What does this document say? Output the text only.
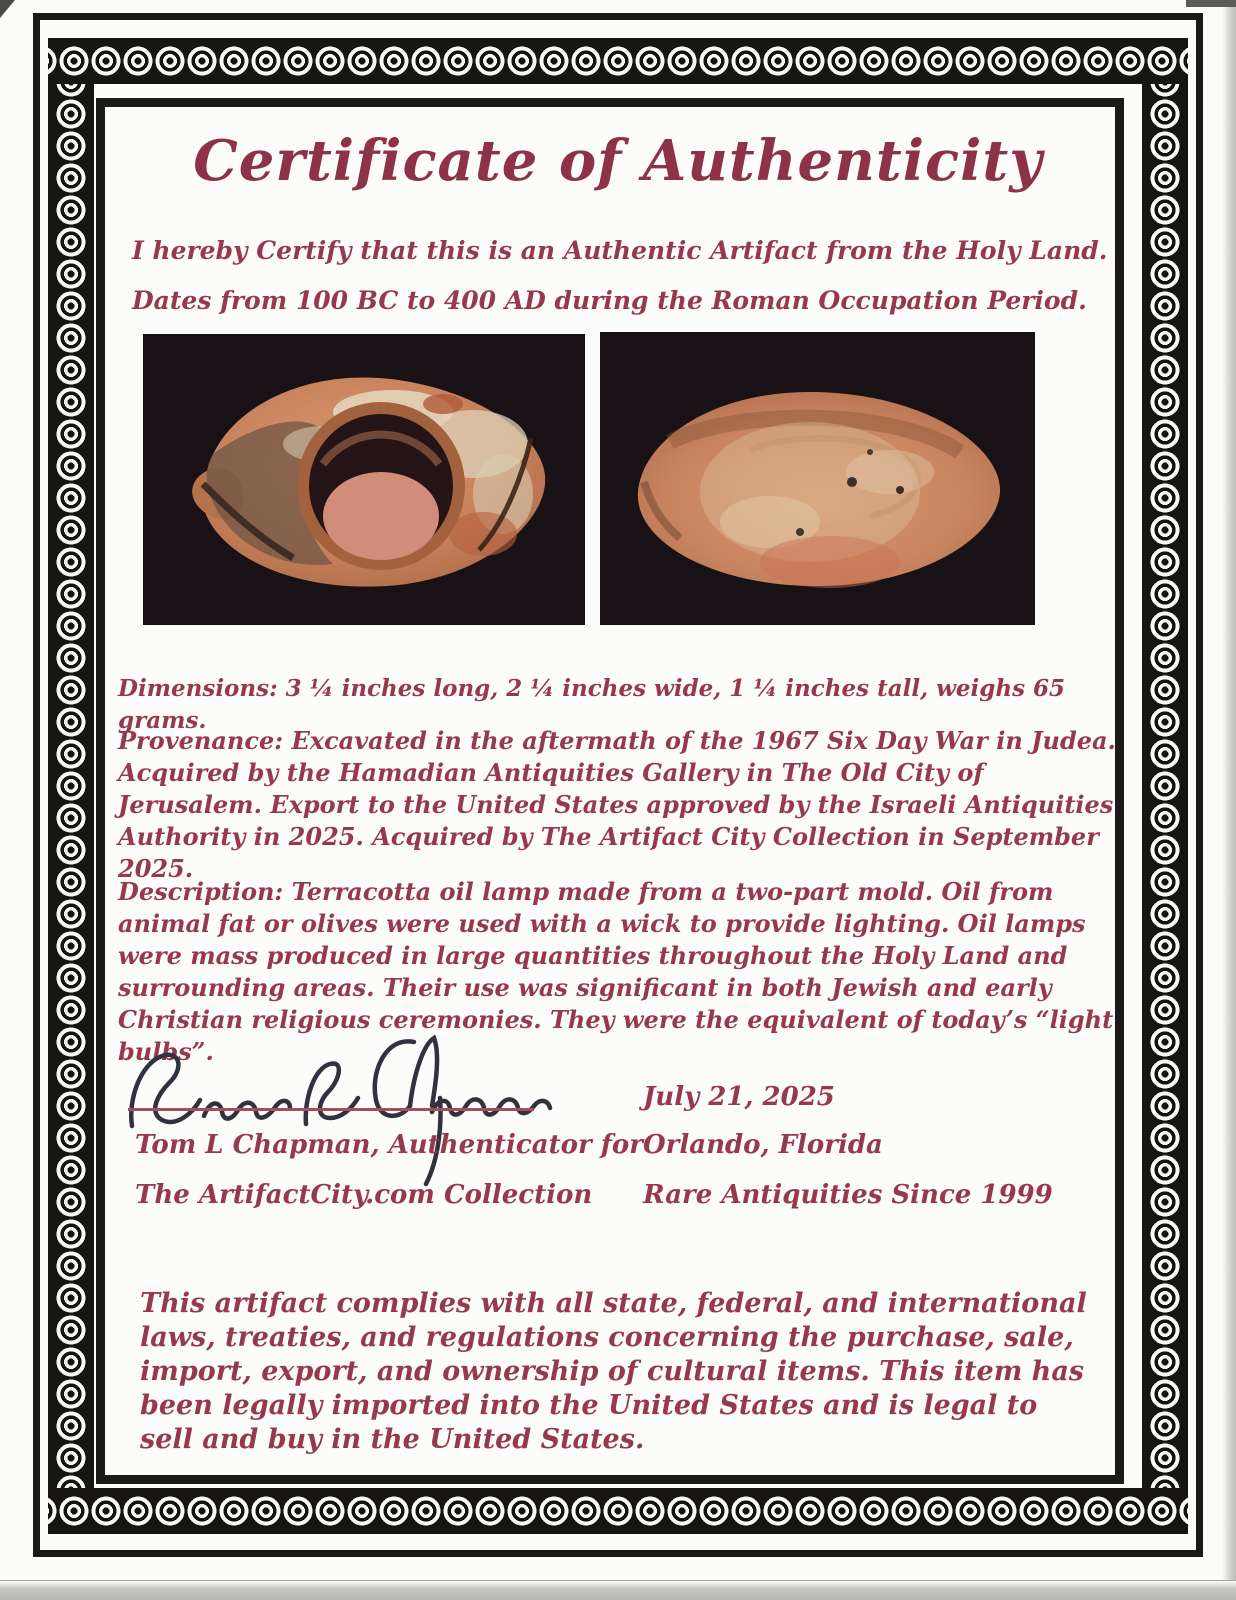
Certificate of Authenticity
I hereby Certify that this is an Authentic Artifact from the Holy Land.
Dates from 100 BC to 400 AD during the Roman Occupation Period.

Dimensions: 3 ¼ inches long, 2 ¼ inches wide, 1 ¼ inches tall, weighs 65 grams.

Provenance: Excavated in the aftermath of the 1967 Six Day War in Judea. Acquired by the Hamadian Antiquities Gallery in The Old City of Jerusalem. Export to the United States approved by the Israeli Antiquities Authority in 2025. Acquired by The Artifact City Collection in September 2025.

Description: Terracotta oil lamp made from a two-part mold. Oil from animal fat or olives were used with a wick to provide lighting. Oil lamps were mass produced in large quantities throughout the Holy Land and surrounding areas. Their use was significant in both Jewish and early Christian religious ceremonies. They were the equivalent of today’s “light bulbs”.

July 21, 2025
Tom L Chapman, Authenticator for Orlando, Florida
The ArtifactCity.com Collection Rare Antiquities Since 1999

This artifact complies with all state, federal, and international laws, treaties, and regulations concerning the purchase, sale, import, export, and ownership of cultural items. This item has been legally imported into the United States and is legal to sell and buy in the United States.
